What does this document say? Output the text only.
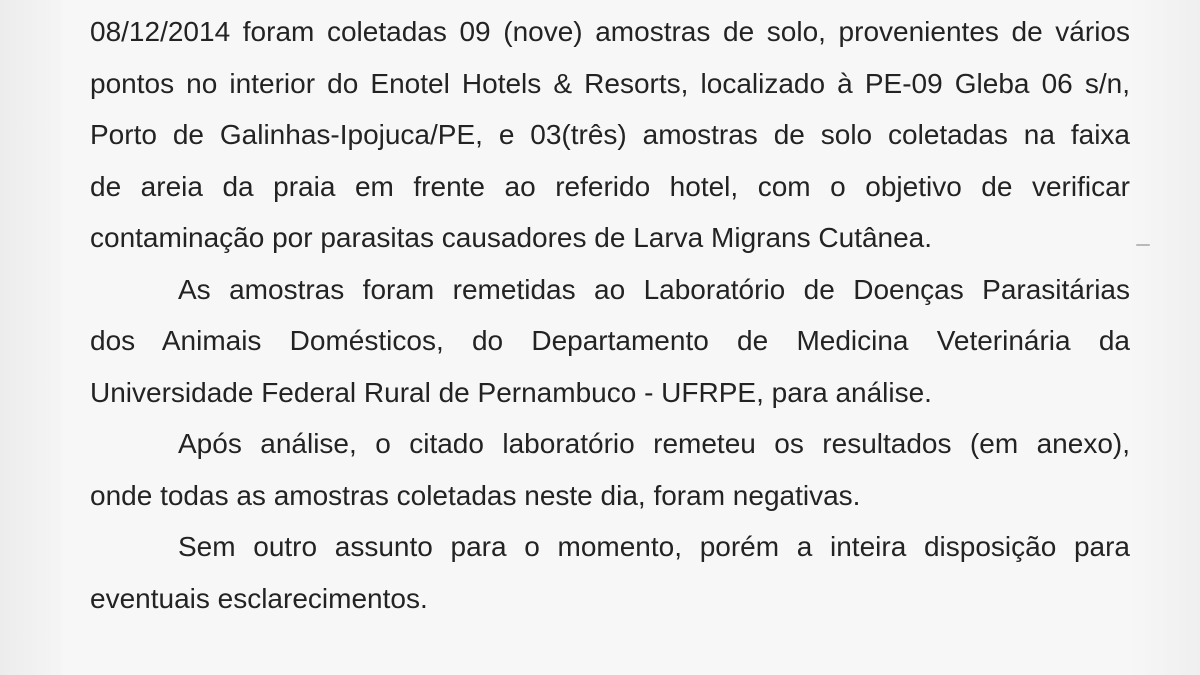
08/12/2014 foram coletadas 09 (nove) amostras de solo, provenientes de vários
pontos no interior do Enotel Hotels & Resorts, localizado à PE-09 Gleba 06 s/n,
Porto de Galinhas-Ipojuca/PE, e 03(três) amostras de solo coletadas na faixa
de areia da praia em frente ao referido hotel, com o objetivo de verificar
contaminação por parasitas causadores de Larva Migrans Cutânea.

As amostras foram remetidas ao Laboratório de Doenças Parasitárias
dos Animais Domésticos, do Departamento de Medicina Veterinária da
Universidade Federal Rural de Pernambuco - UFRPE, para análise.

Após análise, o citado laboratório remeteu os resultados (em anexo),
onde todas as amostras coletadas neste dia, foram negativas.

Sem outro assunto para o momento, porém a inteira disposição para
eventuais esclarecimentos.
